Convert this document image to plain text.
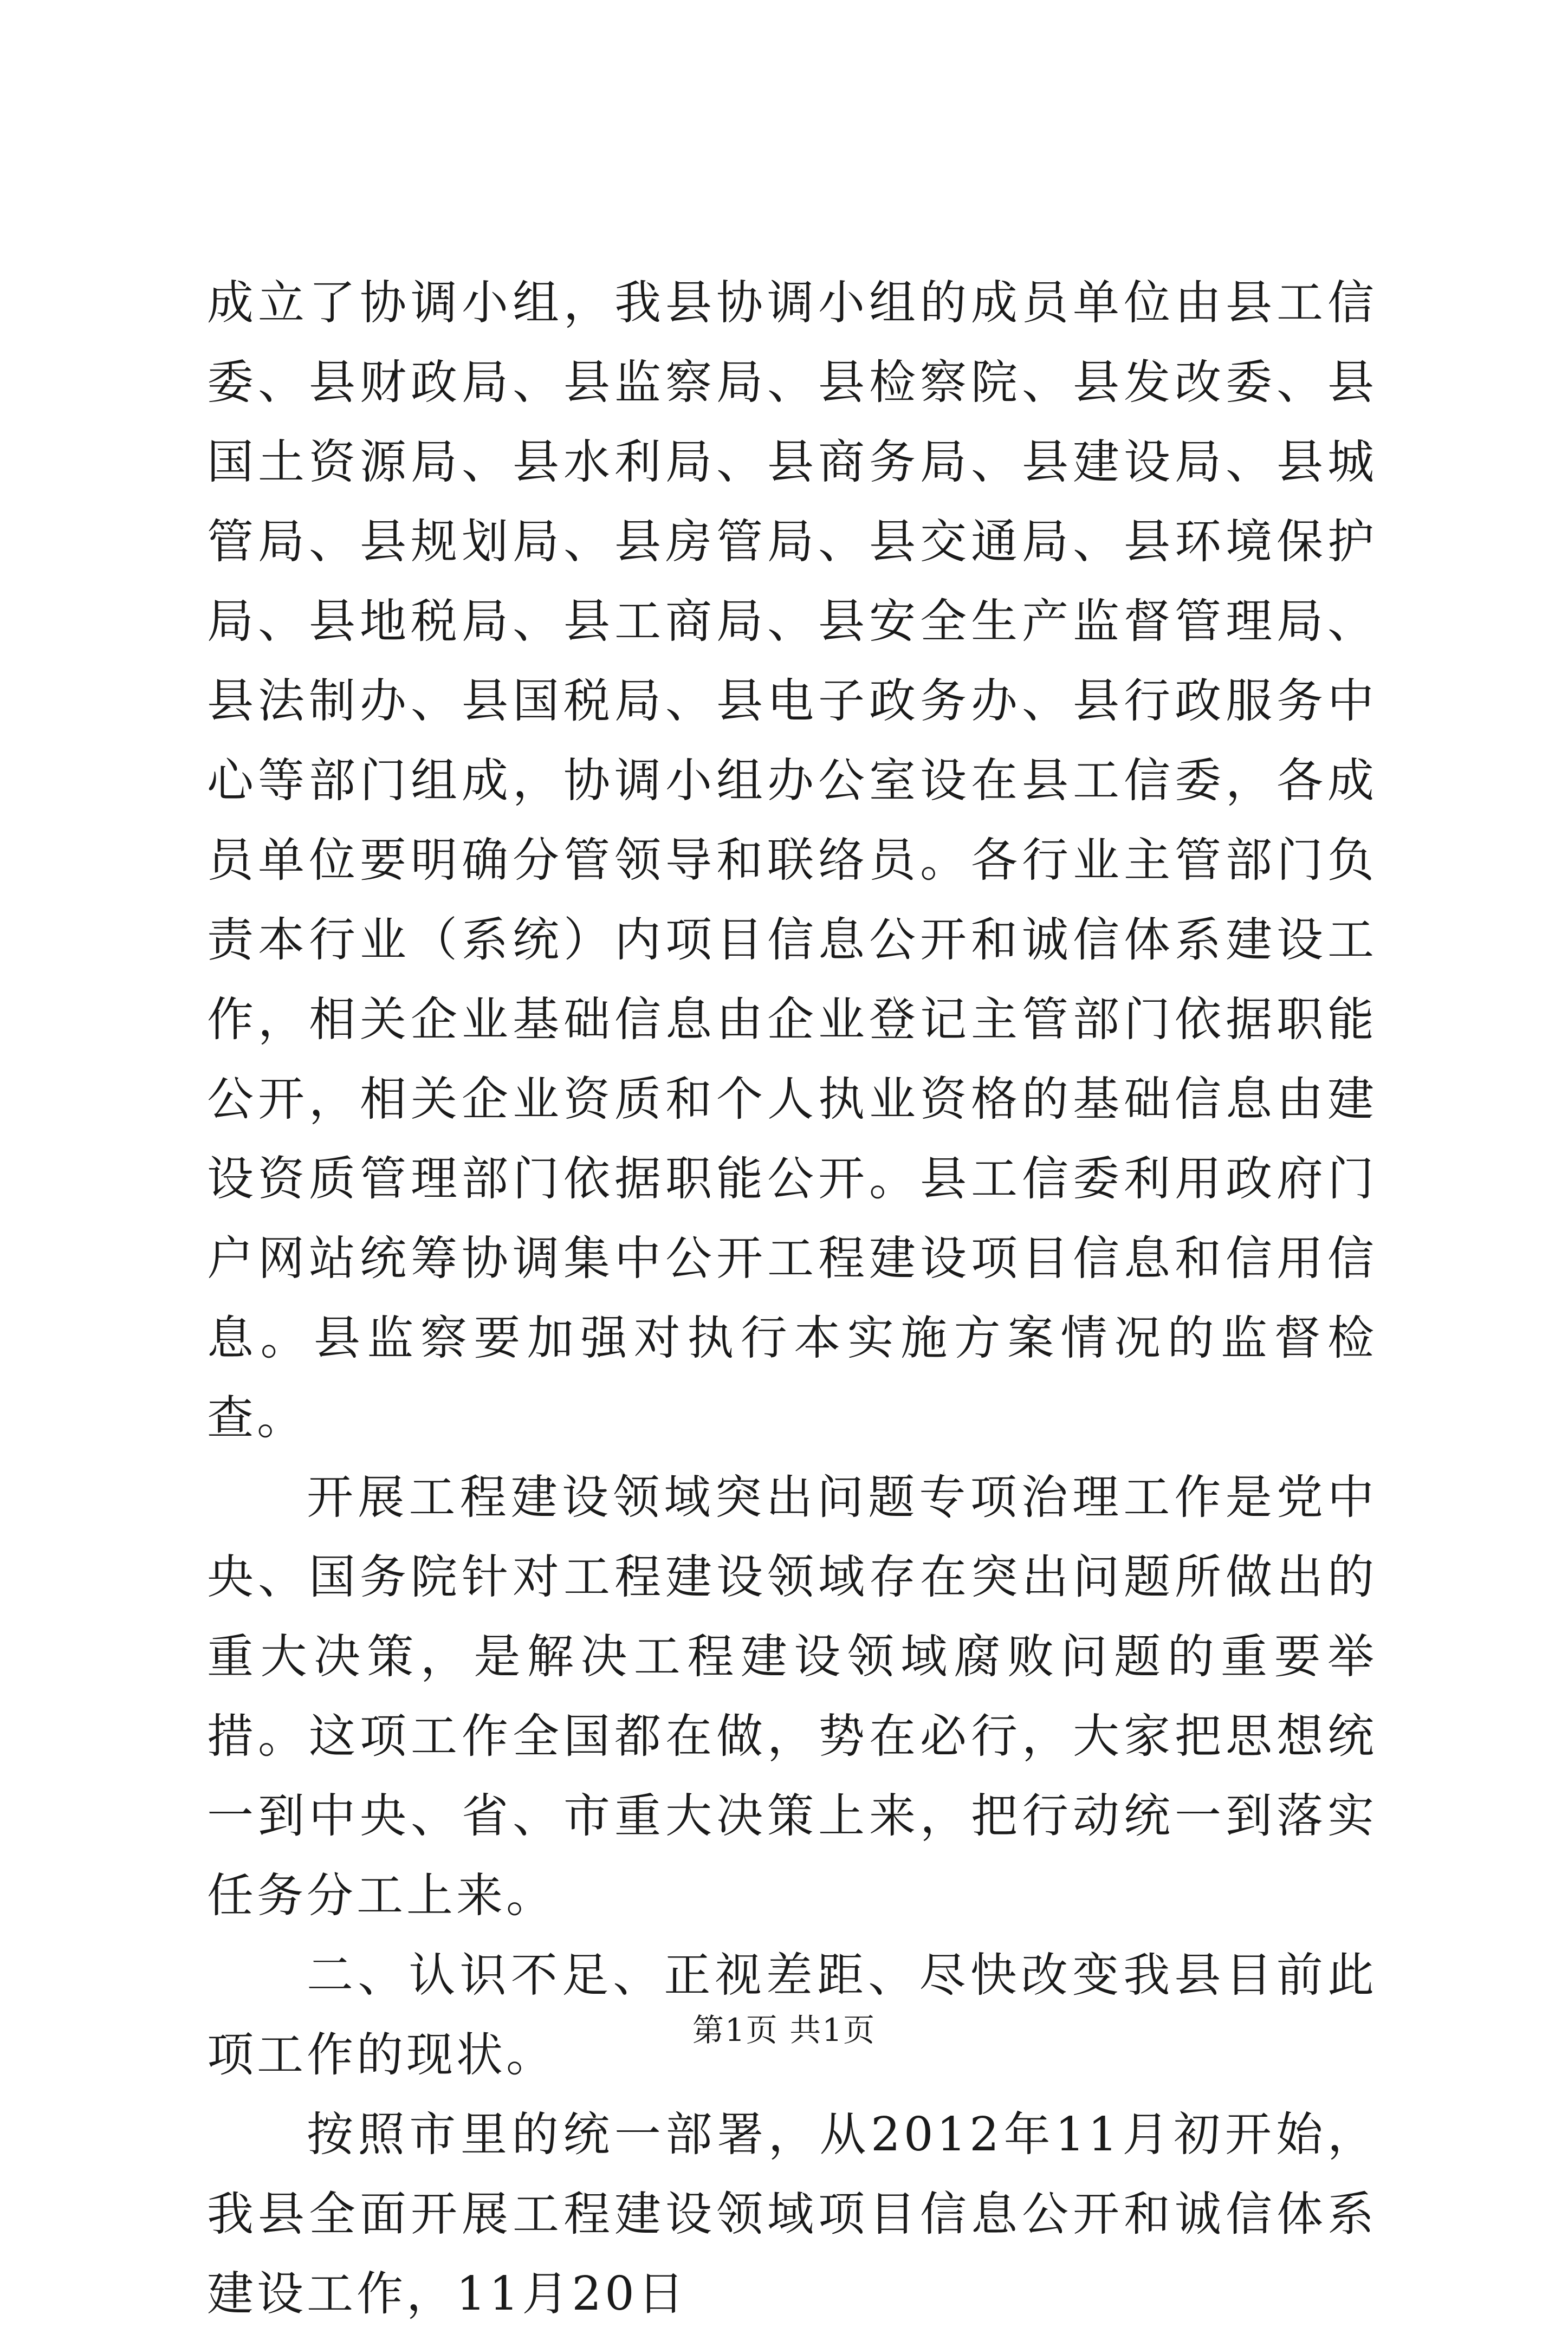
成立了协调小组，我县协调小组的成员单位由县工信委、县财政局、县监察局、县检察院、县发改委、县国土资源局、县水利局、县商务局、县建设局、县城管局、县规划局、县房管局、县交通局、县环境保护局、县地税局、县工商局、县安全生产监督管理局、县法制办、县国税局、县电子政务办、县行政服务中心等部门组成，协调小组办公室设在县工信委，各成员单位要明确分管领导和联络员。各行业主管部门负责本行业（系统）内项目信息公开和诚信体系建设工作，相关企业基础信息由企业登记主管部门依据职能公开，相关企业资质和个人执业资格的基础信息由建设资质管理部门依据职能公开。县工信委利用政府门户网站统筹协调集中公开工程建设项目信息和信用信息。县监察要加强对执行本实施方案情况的监督检查。

开展工程建设领域突出问题专项治理工作是党中央、国务院针对工程建设领域存在突出问题所做出的重大决策，是解决工程建设领域腐败问题的重要举措。这项工作全国都在做，势在必行，大家把思想统一到中央、省、市重大决策上来，把行动统一到落实任务分工上来。

二、认识不足、正视差距、尽快改变我县目前此项工作的现状。

按照市里的统一部署，从2012年11月初开始，我县全面开展工程建设领域项目信息公开和诚信体系建设工作，11月20日

第1页 共1页
